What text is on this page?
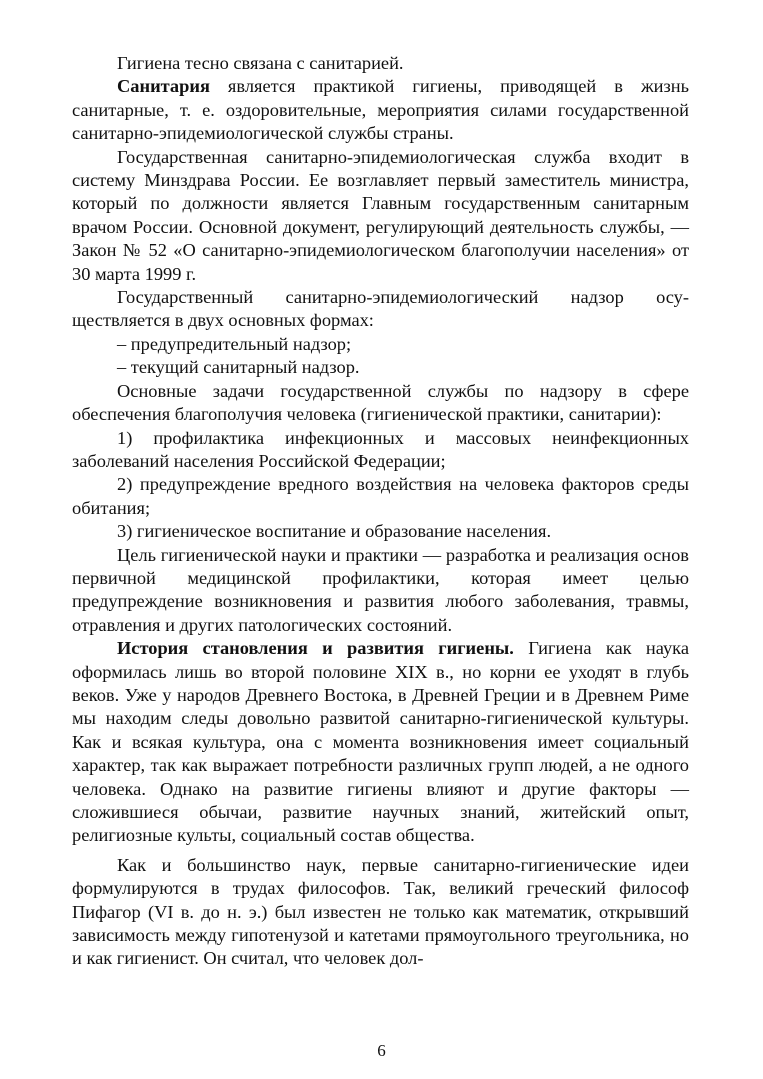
Гигиена тесно связана с санитарией.

Санитария является практикой гигиены, приводящей в жизнь санитарные, т. е. оздоровительные, мероприятия силами государственной санитарно-эпидемиологической службы страны.

Государственная санитарно-эпидемиологическая служба входит в систему Минздрава России. Ее возглавляет первый заместитель министра, который по должности является Главным государственным санитарным врачом России. Основной документ, регулирующий деятельность службы, — Закон № 52 «О санитарно-эпидемиологическом благополучии населения» от 30 марта 1999 г.

Государственный санитарно-эпидемиологический надзор осуществляется в двух основных формах:

– предупредительный надзор;

– текущий санитарный надзор.

Основные задачи государственной службы по надзору в сфере обеспечения благополучия человека (гигиенической практики, санитарии):

1) профилактика инфекционных и массовых неинфекционных заболеваний населения Российской Федерации;

2) предупреждение вредного воздействия на человека факторов среды обитания;

3) гигиеническое воспитание и образование населения.

Цель гигиенической науки и практики — разработка и реализация основ первичной медицинской профилактики, которая имеет целью предупреждение возникновения и развития любого заболевания, травмы, отравления и других патологических состояний.

История становления и развития гигиены. Гигиена как наука оформилась лишь во второй половине XIX в., но корни ее уходят в глубь веков. Уже у народов Древнего Востока, в Древней Греции и в Древнем Риме мы находим следы довольно развитой санитарно-гигиенической культуры. Как и всякая культура, она с момента возникновения имеет социальный характер, так как выражает потребности различных групп людей, а не одного человека. Однако на развитие гигиены влияют и другие факторы — сложившиеся обычаи, развитие научных знаний, житейский опыт, религиозные культы, социальный состав общества.

Как и большинство наук, первые санитарно-гигиенические идеи формулируются в трудах философов. Так, великий греческий философ Пифагор (VI в. до н. э.) был известен не только как математик, открывший зависимость между гипотенузой и катетами прямоугольного треугольника, но и как гигиенист. Он считал, что человек дол-

6
